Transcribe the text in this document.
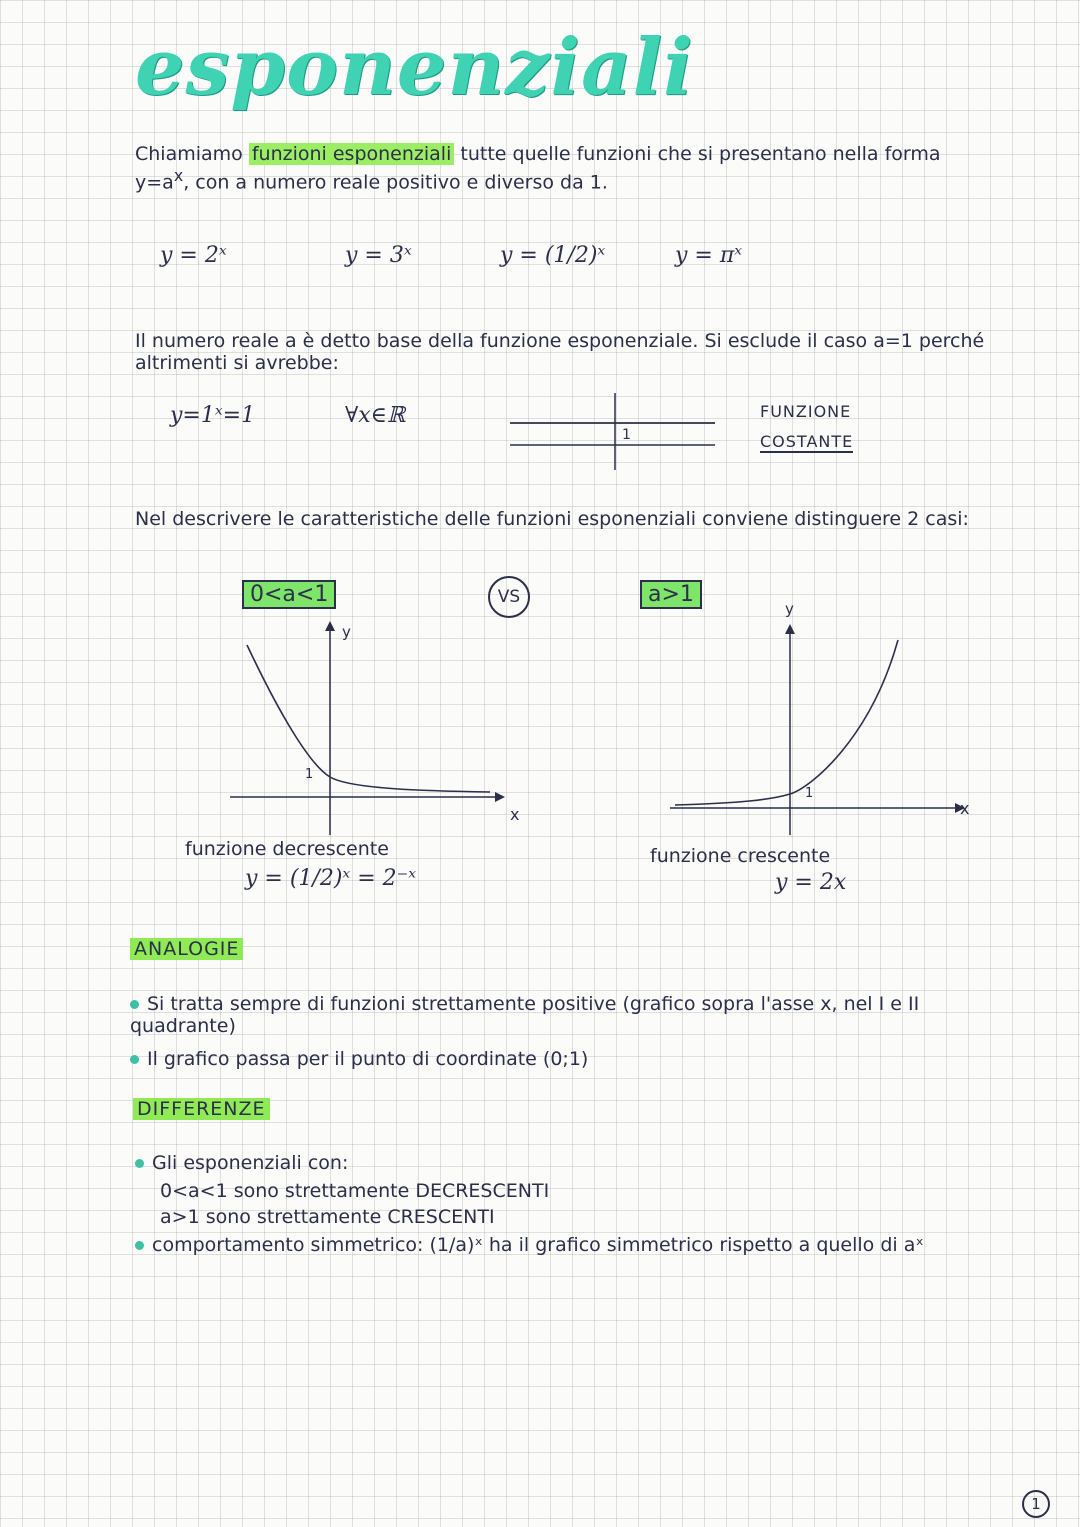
esponenziali
Chiamiamo funzioni esponenziali tutte quelle funzioni che si presentano nella forma $y=a^x$, con a numero reale positivo e diverso da 1.
y = 2ˣ	y = 3ˣ	y = (1/2)ˣ	y = πˣ
Il numero reale a è detto base della funzione esponenziale. Si esclude il caso a=1 perché altrimenti si avrebbe:
y=1ˣ=1	∀x∈ℝ
1
FUNZIONE
COSTANTE
Nel descrivere le caratteristiche delle funzioni esponenziali conviene distinguere 2 casi:
0<a<1	VS	a>1
y
x
1
funzione decrescente
y = (1/2)ˣ = 2⁻ˣ
y
x
1
funzione crescente
y = 2x
ANALOGIE
Si tratta sempre di funzioni strettamente positive (grafico sopra l'asse x, nel I e II quadrante)
Il grafico passa per il punto di coordinate (0;1)
DIFFERENZE
Gli esponenziali con:
0<a<1 sono strettamente DECRESCENTI
a>1 sono strettamente CRESCENTI
comportamento simmetrico: (1/a)ˣ ha il grafico simmetrico rispetto a quello di aˣ
1
